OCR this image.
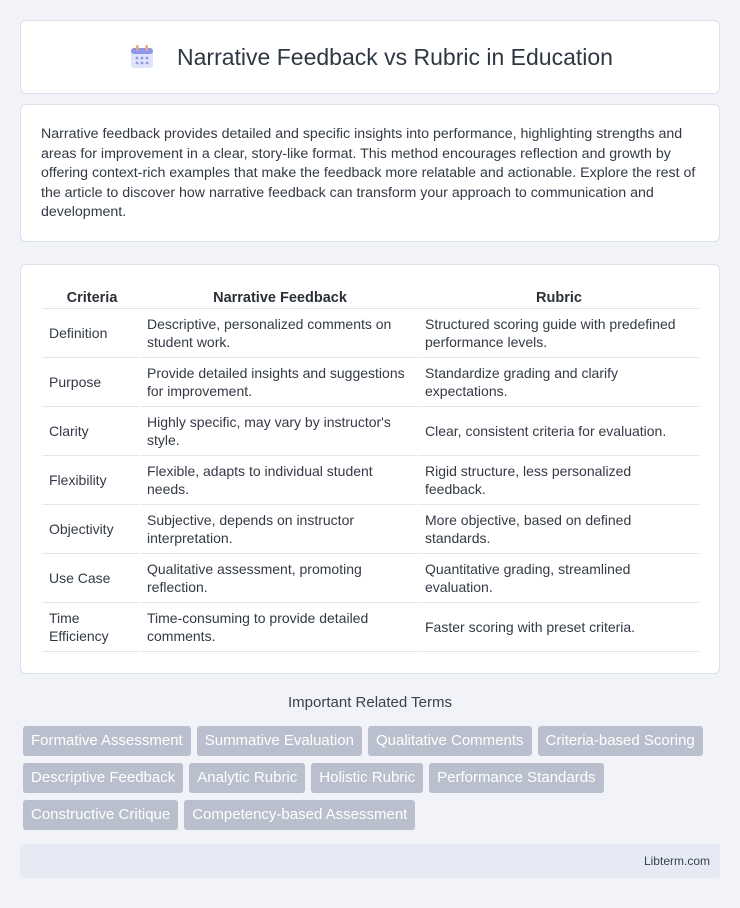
Narrative Feedback vs Rubric in Education

Narrative feedback provides detailed and specific insights into performance, highlighting strengths and areas for improvement in a clear, story-like format. This method encourages reflection and growth by offering context-rich examples that make the feedback more relatable and actionable. Explore the rest of the article to discover how narrative feedback can transform your approach to communication and development.

Criteria	Narrative Feedback	Rubric
Definition	Descriptive, personalized comments on student work.	Structured scoring guide with predefined performance levels.
Purpose	Provide detailed insights and suggestions for improvement.	Standardize grading and clarify expectations.
Clarity	Highly specific, may vary by instructor's style.	Clear, consistent criteria for evaluation.
Flexibility	Flexible, adapts to individual student needs.	Rigid structure, less personalized feedback.
Objectivity	Subjective, depends on instructor interpretation.	More objective, based on defined standards.
Use Case	Qualitative assessment, promoting reflection.	Quantitative grading, streamlined evaluation.
Time Efficiency	Time-consuming to provide detailed comments.	Faster scoring with preset criteria.
Important Related Terms
Formative Assessment	Summative Evaluation	Qualitative Comments	Criteria-based Scoring
Descriptive Feedback	Analytic Rubric	Holistic Rubric	Performance Standards
Constructive Critique	Competency-based Assessment
Libterm.com
